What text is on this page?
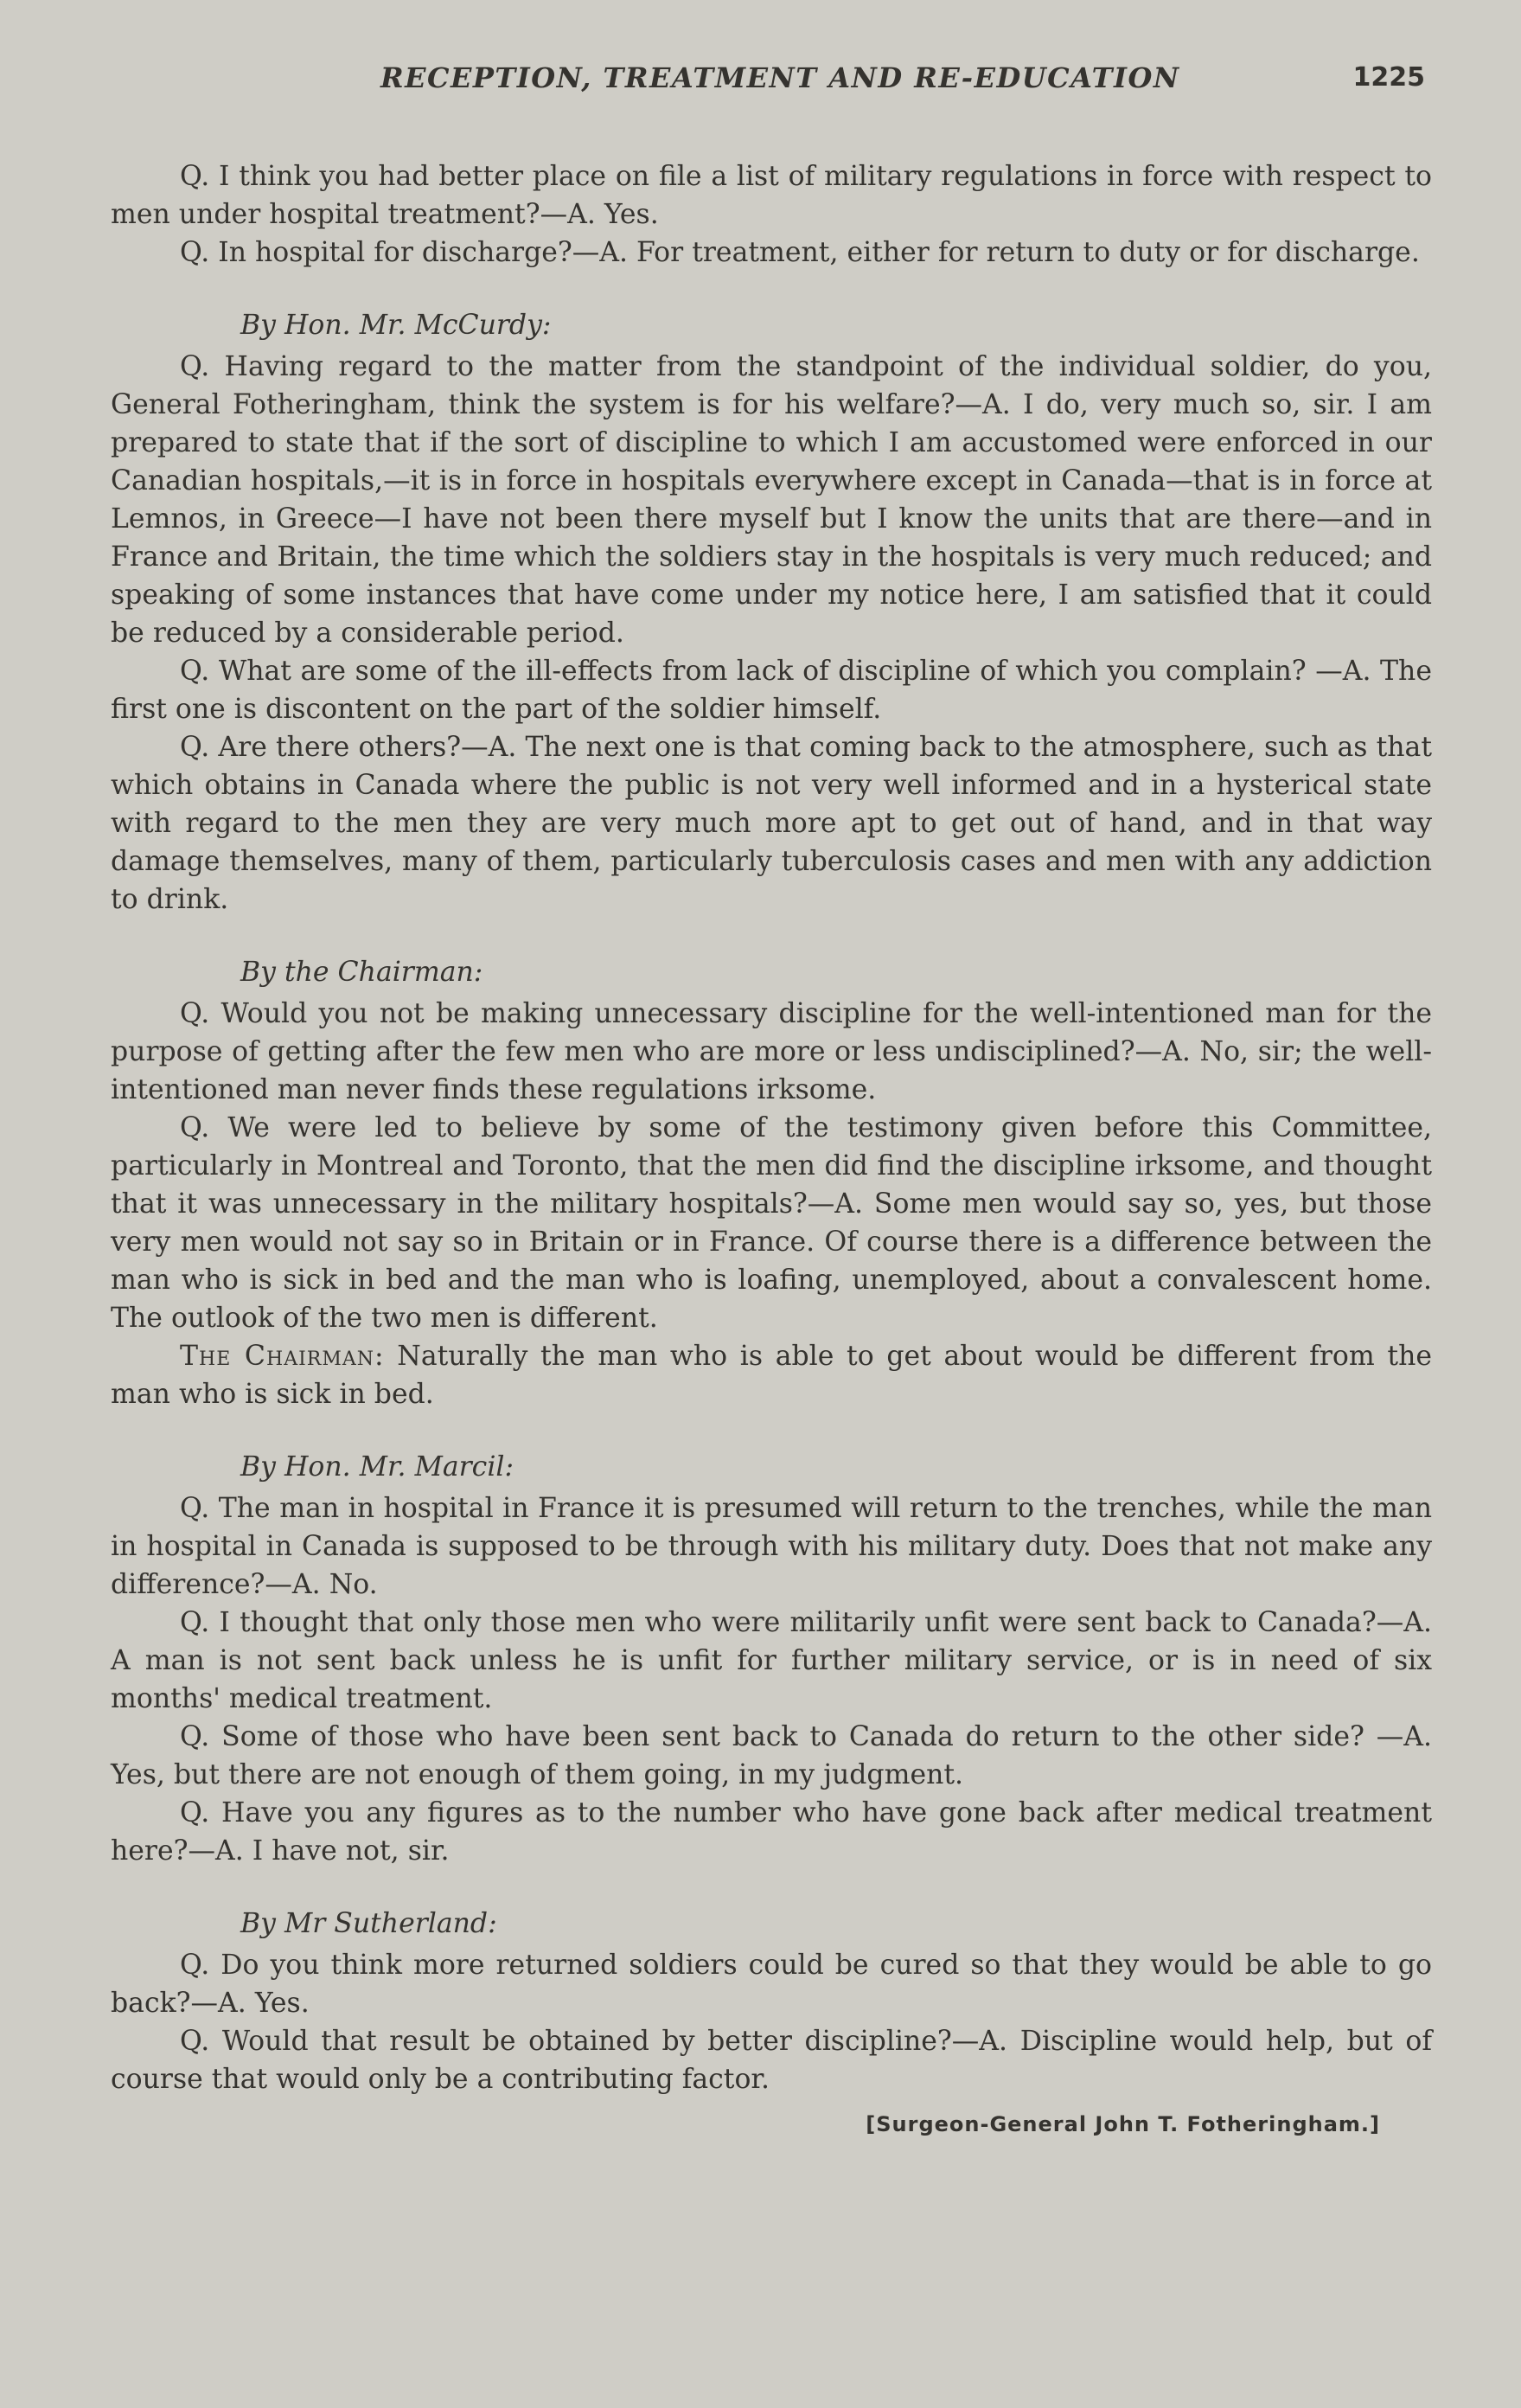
RECEPTION, TREATMENT AND RE-EDUCATION	1225

Q. I think you had better place on file a list of military regulations in force with respect to men under hospital treatment?—A. Yes.

Q. In hospital for discharge?—A. For treatment, either for return to duty or for discharge.

By Hon. Mr. McCurdy:

Q. Having regard to the matter from the standpoint of the individual soldier, do you, General Fotheringham, think the system is for his welfare?—A. I do, very much so, sir. I am prepared to state that if the sort of discipline to which I am accustomed were enforced in our Canadian hospitals,—it is in force in hospitals everywhere except in Canada—that is in force at Lemnos, in Greece—I have not been there myself but I know the units that are there—and in France and Britain, the time which the soldiers stay in the hospitals is very much reduced; and speaking of some instances that have come under my notice here, I am satisfied that it could be reduced by a considerable period.

Q. What are some of the ill-effects from lack of discipline of which you complain? —A. The first one is discontent on the part of the soldier himself.

Q. Are there others?—A. The next one is that coming back to the atmosphere, such as that which obtains in Canada where the public is not very well informed and in a hysterical state with regard to the men they are very much more apt to get out of hand, and in that way damage themselves, many of them, particularly tuberculosis cases and men with any addiction to drink.

By the Chairman:

Q. Would you not be making unnecessary discipline for the well-intentioned man for the purpose of getting after the few men who are more or less undisciplined?—A. No, sir; the well-intentioned man never finds these regulations irksome.

Q. We were led to believe by some of the testimony given before this Committee, particularly in Montreal and Toronto, that the men did find the discipline irksome, and thought that it was unnecessary in the military hospitals?—A. Some men would say so, yes, but those very men would not say so in Britain or in France. Of course there is a difference between the man who is sick in bed and the man who is loafing, unemployed, about a convalescent home. The outlook of the two men is different.

The Chairman: Naturally the man who is able to get about would be different from the man who is sick in bed.

By Hon. Mr. Marcil:

Q. The man in hospital in France it is presumed will return to the trenches, while the man in hospital in Canada is supposed to be through with his military duty. Does that not make any difference?—A. No.

Q. I thought that only those men who were militarily unfit were sent back to Canada?—A. A man is not sent back unless he is unfit for further military service, or is in need of six months' medical treatment.

Q. Some of those who have been sent back to Canada do return to the other side? —A. Yes, but there are not enough of them going, in my judgment.

Q. Have you any figures as to the number who have gone back after medical treatment here?—A. I have not, sir.

By Mr Sutherland:

Q. Do you think more returned soldiers could be cured so that they would be able to go back?—A. Yes.

Q. Would that result be obtained by better discipline?—A. Discipline would help, but of course that would only be a contributing factor.

[Surgeon-General John T. Fotheringham.]
